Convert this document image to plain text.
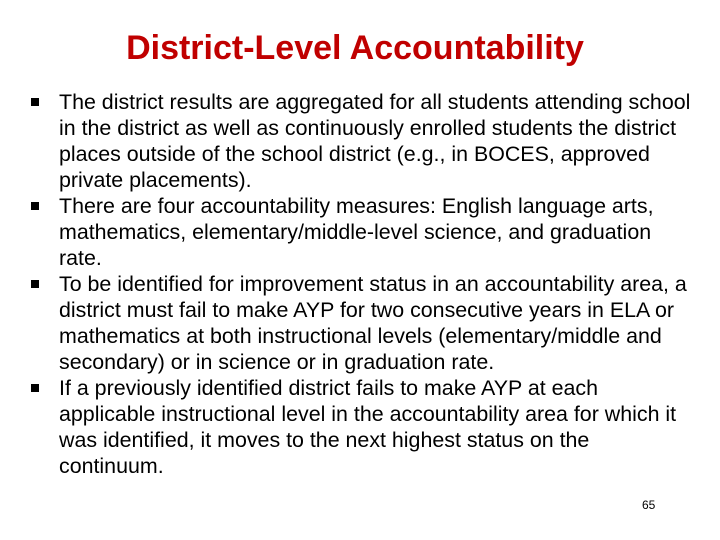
District-Level Accountability
The district results are aggregated for all students attending school in the district as well as continuously enrolled students the district places outside of the school district (e.g., in BOCES, approved private placements).
There are four accountability measures: English language arts, mathematics, elementary/middle-level science, and graduation rate.
To be identified for improvement status in an accountability area, a district must fail to make AYP for two consecutive years in ELA or mathematics at both instructional levels (elementary/middle and secondary) or in science or in graduation rate.
If a previously identified district fails to make AYP at each applicable instructional level in the accountability area for which it was identified, it moves to the next highest status on the continuum.
65
